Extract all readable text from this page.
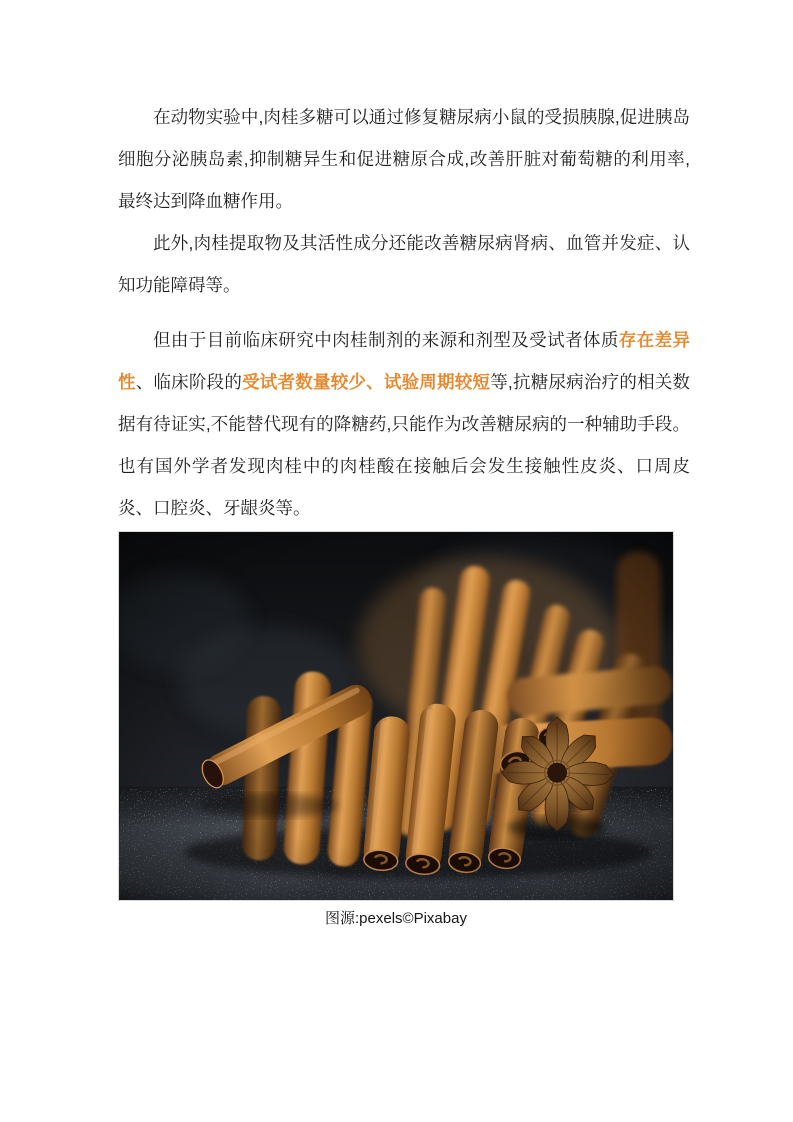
在动物实验中,肉桂多糖可以通过修复糖尿病小鼠的受损胰腺,促进胰岛细胞分泌胰岛素,抑制糖异生和促进糖原合成,改善肝脏对葡萄糖的利用率,最终达到降血糖作用。

此外,肉桂提取物及其活性成分还能改善糖尿病肾病、血管并发症、认知功能障碍等。

但由于目前临床研究中肉桂制剂的来源和剂型及受试者体质存在差异性、临床阶段的受试者数量较少、试验周期较短等,抗糖尿病治疗的相关数据有待证实,不能替代现有的降糖药,只能作为改善糖尿病的一种辅助手段。也有国外学者发现肉桂中的肉桂酸在接触后会发生接触性皮炎、口周皮炎、口腔炎、牙龈炎等。

图源:pexels©Pixabay
